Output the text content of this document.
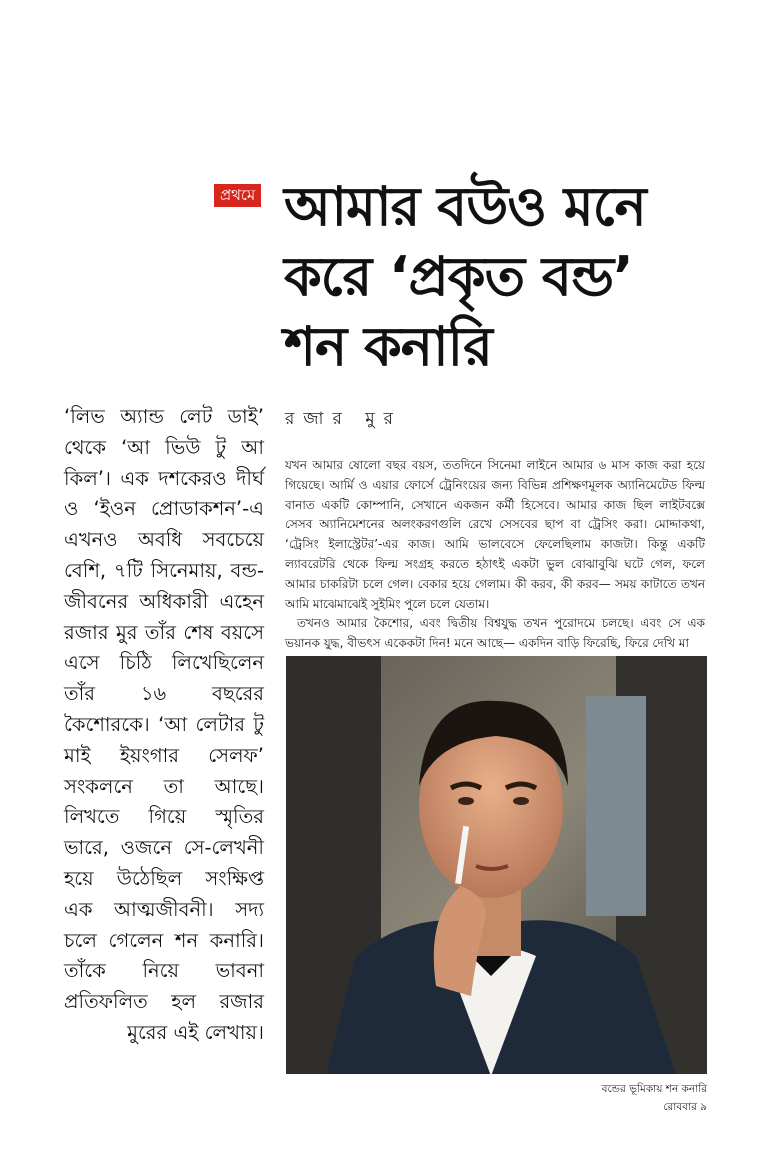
প্রথমে আমার বউও মনে
করে ‘প্রকৃত বন্ড’
শন কনারি
রজার মুর

‘লিভ অ্যান্ড লেট ডাই’ থেকে ‘আ ভিউ টু আ কিল’। এক দশকেরও দীর্ঘ ও ‘ইওন প্রোডাকশন’-এ এখনও অবধি সবচেয়ে বেশি, ৭টি সিনেমায়, বন্ড-জীবনের অধিকারী এহেন রজার মুর তাঁর শেষ বয়সে এসে চিঠি লিখেছিলেন তাঁর ১৬ বছরের কৈশোরকে। ‘আ লেটার টু মাই ইয়ংগার সেলফ’ সংকলনে তা আছে। লিখতে গিয়ে স্মৃতির ভারে, ওজনে সে-লেখনী হয়ে উঠেছিল সংক্ষিপ্ত এক আত্মজীবনী। সদ্য চলে গেলেন শন কনারি। তাঁকে নিয়ে ভাবনা প্রতিফলিত হল রজার মুরের এই লেখায়।

যখন আমার ষোলো বছর বয়স, ততদিনে সিনেমা লাইনে আমার ৬ মাস কাজ করা হয়ে গিয়েছে। আর্মি ও এয়ার ফোর্সে ট্রেনিংয়ের জন্য বিভিন্ন প্রশিক্ষণমূলক অ্যানিমেটেড ফিল্ম বানাত একটি কোম্পানি, সেখানে একজন কর্মী হিসেবে। আমার কাজ ছিল লাইটবক্সে সেসব অ্যানিমেশনের অলংকরণগুলি রেখে সেসবের ছাপ বা ট্রেসিং করা। মোদ্দাকথা, ‘ট্রেসিং ইলাস্ট্রেটর’-এর কাজ। আমি ভালবেসে ফেলেছিলাম কাজটা। কিন্তু একটি ল্যাবরেটরি থেকে ফিল্ম সংগ্রহ করতে হঠাৎই একটা ভুল বোঝাবুঝি ঘটে গেল, ফলে আমার চাকরিটা চলে গেল। বেকার হয়ে গেলাম। কী করব, কী করব— সময় কাটাতে তখন আমি মাঝেমাঝেই সুইমিং পুলে চলে যেতাম।

তখনও আমার কৈশোর, এবং দ্বিতীয় বিশ্বযুদ্ধ তখন পুরোদমে চলছে। এবং সে এক ভয়ানক যুদ্ধ, বীভৎস একেকটা দিন! মনে আছে— একদিন বাড়ি ফিরেছি, ফিরে দেখি মা

বন্ডের ভূমিকায় শন কনারি
রোববার ৯
